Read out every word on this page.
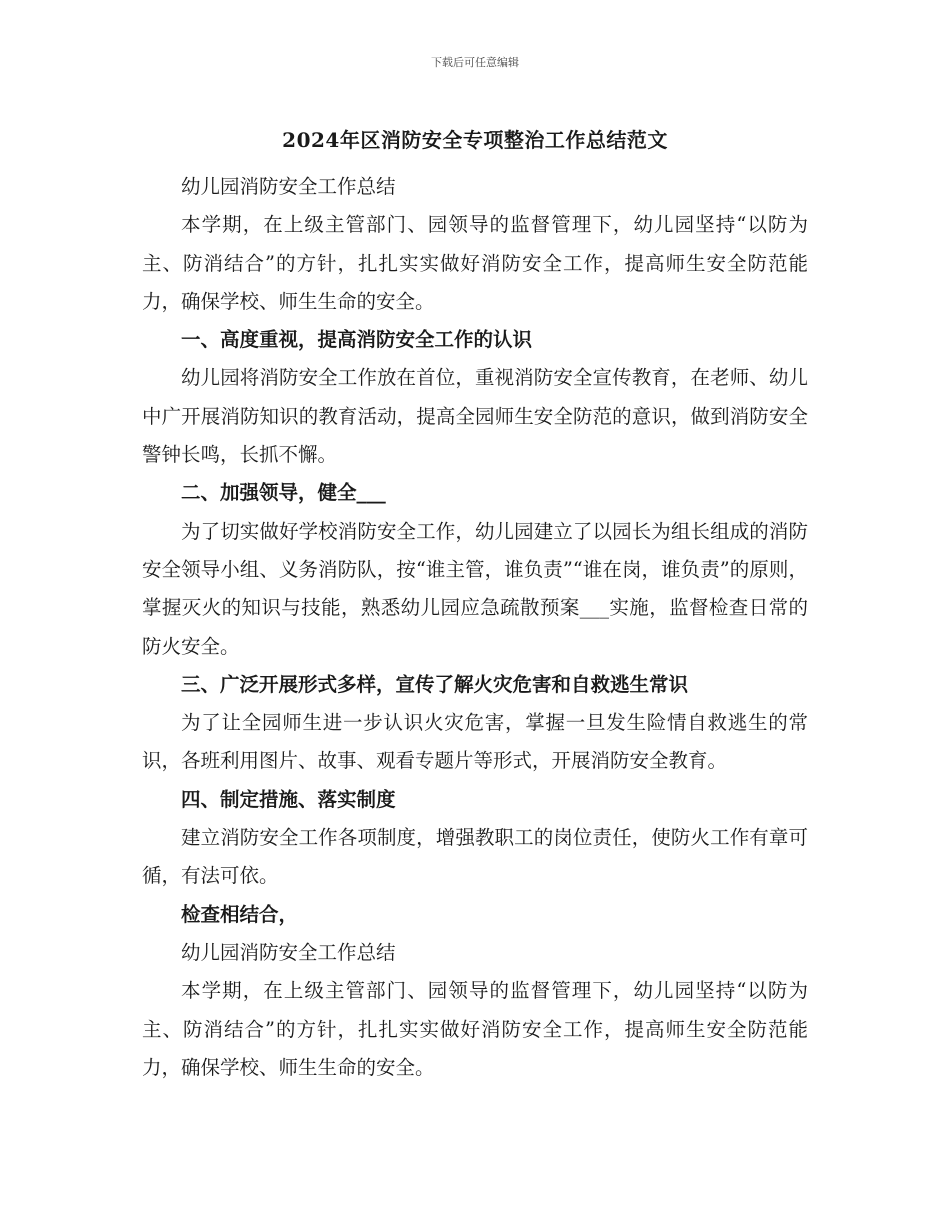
下载后可任意编辑
2024年区消防安全专项整治工作总结范文

幼儿园消防安全工作总结

本学期，在上级主管部门、园领导的监督管理下，幼儿园坚持“以防为主、防消结合”的方针，扎扎实实做好消防安全工作，提高师生安全防范能力，确保学校、师生生命的安全。

一、高度重视，提高消防安全工作的认识

幼儿园将消防安全工作放在首位，重视消防安全宣传教育，在老师、幼儿中广开展消防知识的教育活动，提高全园师生安全防范的意识，做到消防安全警钟长鸣，长抓不懈。

二、加强领导，健全___

为了切实做好学校消防安全工作，幼儿园建立了以园长为组长组成的消防安全领导小组、义务消防队，按“谁主管，谁负责”“谁在岗，谁负责”的原则，掌握灭火的知识与技能，熟悉幼儿园应急疏散预案___实施，监督检查日常的防火安全。

三、广泛开展形式多样，宣传了解火灾危害和自救逃生常识

为了让全园师生进一步认识火灾危害，掌握一旦发生险情自救逃生的常识，各班利用图片、故事、观看专题片等形式，开展消防安全教育。

四、制定措施、落实制度

建立消防安全工作各项制度，增强教职工的岗位责任，使防火工作有章可循，有法可依。

检查相结合，

幼儿园消防安全工作总结

本学期，在上级主管部门、园领导的监督管理下，幼儿园坚持“以防为主、防消结合”的方针，扎扎实实做好消防安全工作，提高师生安全防范能力，确保学校、师生生命的安全。
